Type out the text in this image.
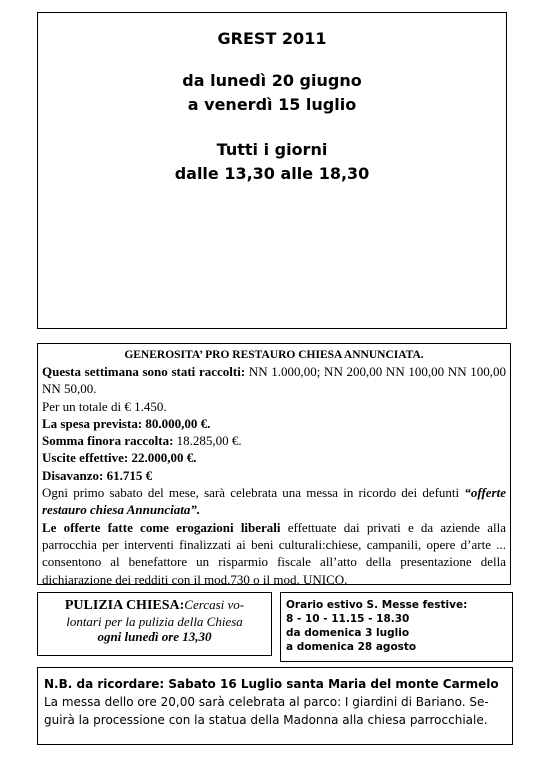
GREST 2011
da lunedì 20 giugno
a venerdì 15 luglio
Tutti i giorni
dalle 13,30 alle 18,30
GENEROSITA’ PRO RESTAURO CHIESA ANNUNCIATA.

Questa settimana sono stati raccolti: NN 1.000,00; NN 200,00 NN 100,00 NN 100,00 NN 50,00.

Per un totale di € 1.450.

La spesa prevista: 80.000,00 €.

Somma finora raccolta: 18.285,00 €.

Uscite effettive: 22.000,00 €.

Disavanzo: 61.715 €

Ogni primo sabato del mese, sarà celebrata una messa in ricordo dei defunti “offerte restauro chiesa Annunciata”.

Le offerte fatte come erogazioni liberali effettuate dai privati e da aziende alla parrocchia per interventi finalizzati ai beni culturali:chiese, campanili, opere d’arte ... consentono al benefattore un risparmio fiscale all’atto della presentazione della dichiarazione dei redditi con il mod.730 o il mod. UNICO.

PULIZIA CHIESA:Cercasi vo-
lontari per la pulizia della Chiesa
ogni lunedì ore 13,30
Orario estivo S. Messe festive:
8 - 10 - 11.15 - 18.30
da domenica 3 luglio
a domenica 28 agosto
N.B. da ricordare: Sabato 16 Luglio santa Maria del monte Carmelo
La messa dello ore 20,00 sarà celebrata al parco: I giardini di Bariano. Se-
guirà la processione con la statua della Madonna alla chiesa parrocchiale.
